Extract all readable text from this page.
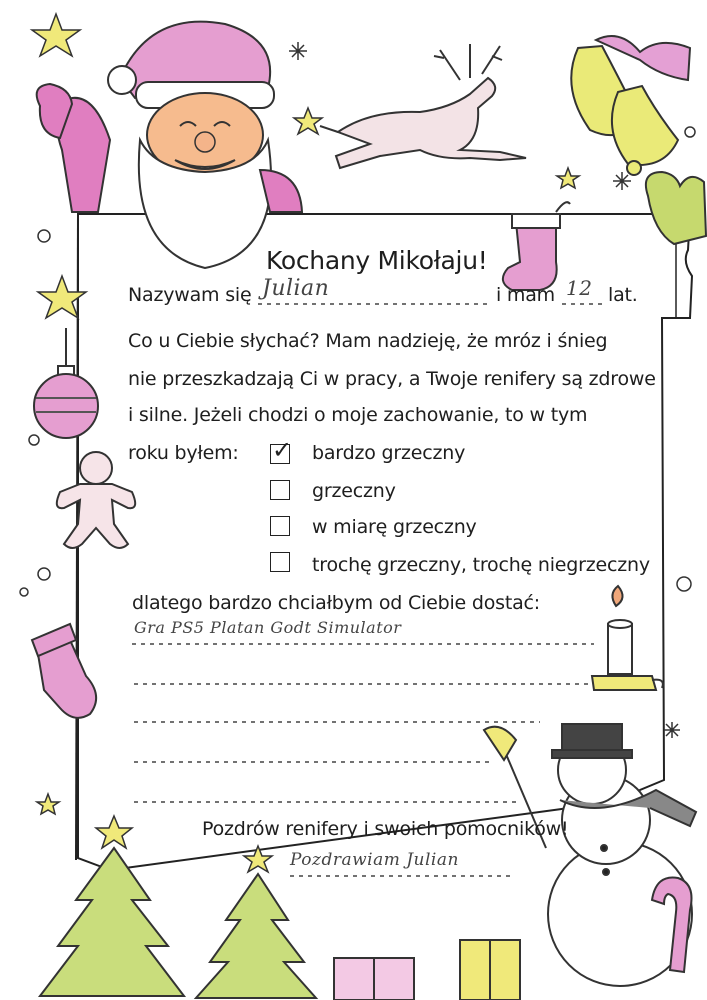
Kochany Mikołaju!
Nazywam się Julian	i mam 12 lat.
Co u Ciebie słychać? Mam nadzieję, że mróz i śnieg
nie przeszkadzają Ci w pracy, a Twoje renifery są zdrowe
i silne. Jeżeli chodzi o moje zachowanie, to w tym
roku byłem: ✓ bardzo grzeczny
grzeczny
w miarę grzeczny
trochę grzeczny, trochę niegrzeczny
dlatego bardzo chciałbym od Ciebie dostać:
Gra PS5 Platan Godt Simulator
Pozdrów renifery i swoich pomocników!
Pozdrawiam Julian
